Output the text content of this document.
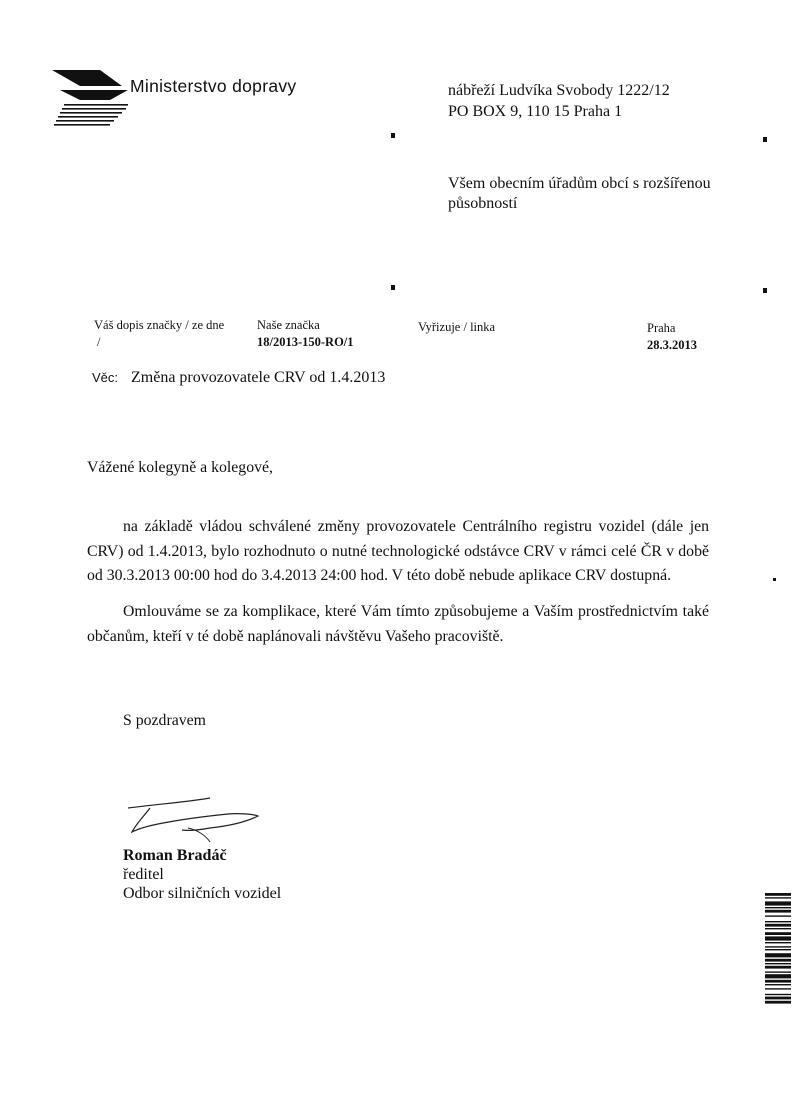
Ministerstvo dopravy	nábřeží Ludvíka Svobody 1222/12
PO BOX 9, 110 15 Praha 1
Všem obecním úřadům obcí s rozšířenou
působností
Váš dopis značky / ze dne
/
Naše značka
18/2013-150-RO/1
Vyřizuje / linka	Praha
28.3.2013
Věc: Změna provozovatele CRV od 1.4.2013
Vážené kolegyně a kolegové,
na základě vládou schválené změny provozovatele Centrálního registru vozidel (dále jen CRV) od 1.4.2013, bylo rozhodnuto o nutné technologické odstávce CRV v rámci celé ČR v době od 30.3.2013 00:00 hod do 3.4.2013 24:00 hod. V této době nebude aplikace CRV dostupná.
Omlouváme se za komplikace, které Vám tímto způsobujeme a Vaším prostřednictvím také občanům, kteří v té době naplánovali návštěvu Vašeho pracoviště.
S pozdravem
Roman Bradáč
ředitel
Odbor silničních vozidel
